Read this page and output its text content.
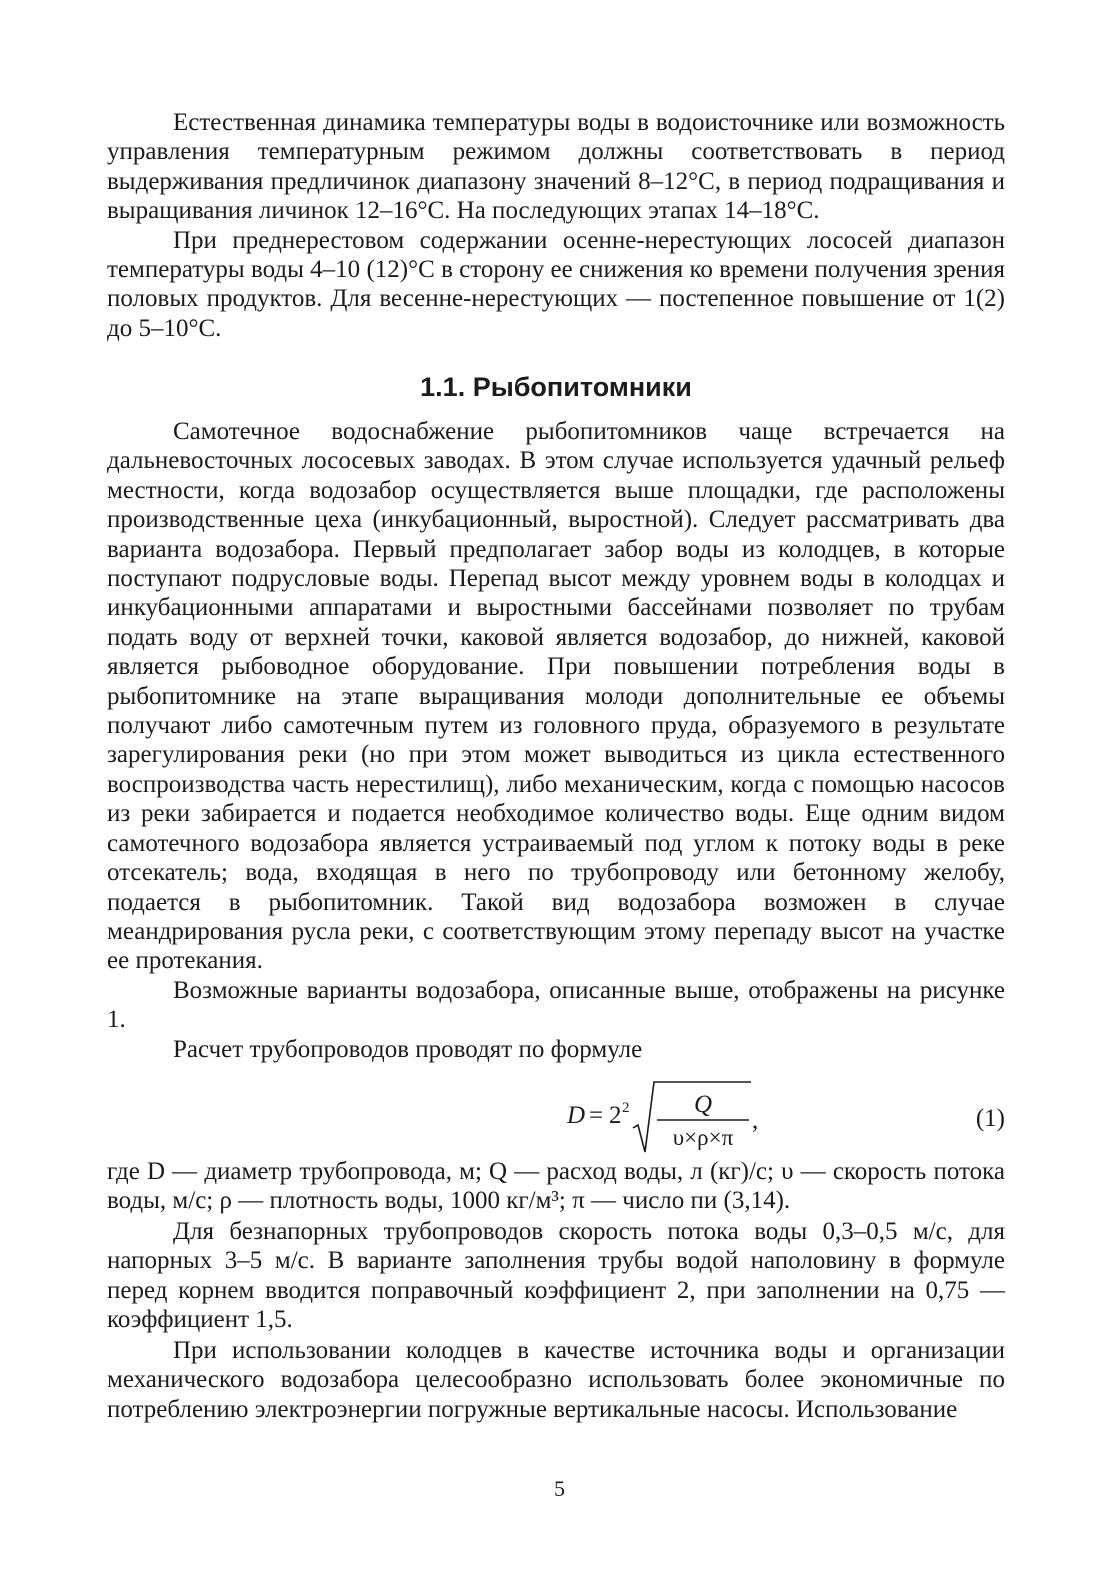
Естественная динамика температуры воды в водоисточнике или возможность управления температурным режимом должны соответствовать в период выдерживания предличинок диапазону значений 8–12°C, в период подращивания и выращивания личинок 12–16°C. На последующих этапах 14–18°C.

При преднерестовом содержании осенне-нерестующих лососей диапазон температуры воды 4–10 (12)°C в сторону ее снижения ко времени получения зрения половых продуктов. Для весенне-нерестующих — постепенное повышение от 1(2) до 5–10°C.

1.1. Рыбопитомники

Самотечное водоснабжение рыбопитомников чаще встречается на дальневосточных лососевых заводах. В этом случае используется удачный рельеф местности, когда водозабор осуществляется выше площадки, где расположены производственные цеха (инкубационный, выростной). Следует рассматривать два варианта водозабора. Первый предполагает забор воды из колодцев, в которые поступают подрусловые воды. Перепад высот между уровнем воды в колодцах и инкубационными аппаратами и выростными бассейнами позволяет по трубам подать воду от верхней точки, каковой является водозабор, до нижней, каковой является рыбоводное оборудование. При повышении потребления воды в рыбопитомнике на этапе выращивания молоди дополнительные ее объемы получают либо самотечным путем из головного пруда, образуемого в результате зарегулирования реки (но при этом может выводиться из цикла естественного воспроизводства часть нерестилищ), либо механическим, когда с помощью насосов из реки забирается и подается необходимое количество воды. Еще одним видом самотечного водозабора является устраиваемый под углом к потоку воды в реке отсекатель; вода, входящая в него по трубопроводу или бетонному желобу, подается в рыбопитомник. Такой вид водозабора возможен в случае меандрирования русла реки, с соответствующим этому перепаду высот на участке ее протекания.

Возможные варианты водозабора, описанные выше, отображены на рисунке 1.

Расчет трубопроводов проводят по формуле

D = 2 2	Q
υ×ρ×π
,	(1)

где D — диаметр трубопровода, м; Q — расход воды, л (кг)/с; υ — скорость потока воды, м/с; ρ — плотность воды, 1000 кг/м³; π — число пи (3,14).

Для безнапорных трубопроводов скорость потока воды 0,3–0,5 м/с, для напорных 3–5 м/с. В варианте заполнения трубы водой наполовину в формуле перед корнем вводится поправочный коэффициент 2, при заполнении на 0,75 — коэффициент 1,5.

При использовании колодцев в качестве источника воды и организации механического водозабора целесообразно использовать более экономичные по потреблению электроэнергии погружные вертикальные насосы. Использование

5
